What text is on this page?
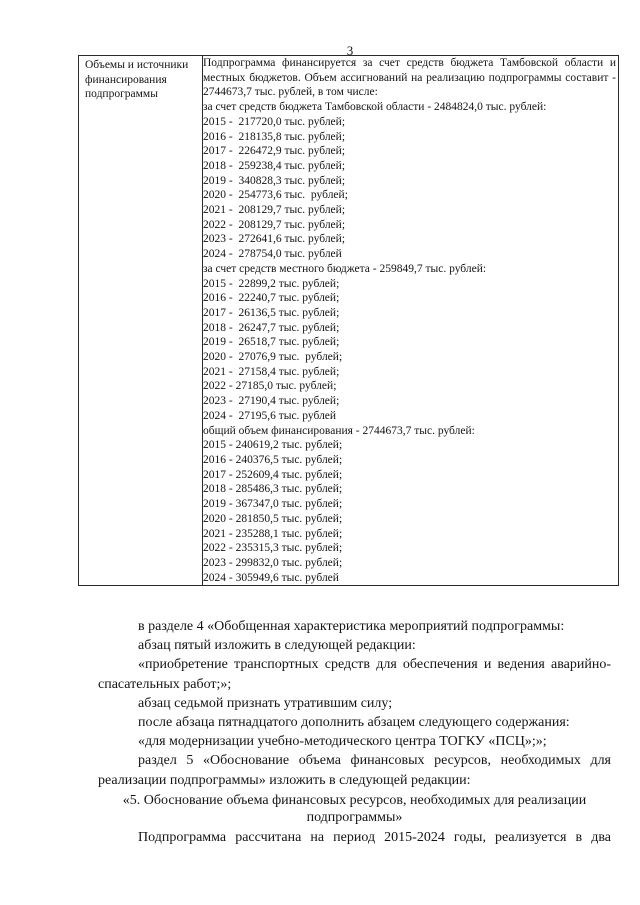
3
Объемы и источники финансирования подпрограммы

Подпрограмма финансируется за счет средств бюджета Тамбовской области и местных бюджетов. Объем ассигнований на реализацию подпрограммы составит - 2744673,7 тыс. рублей, в том числе:
за счет средств бюджета Тамбовской области - 2484824,0 тыс. рублей:
2015 -  217720,0 тыс. рублей;
2016 -  218135,8 тыс. рублей;
2017 -  226472,9 тыс. рублей;
2018 -  259238,4 тыс. рублей;
2019 -  340828,3 тыс. рублей;
2020 -  254773,6 тыс.  рублей;
2021 -  208129,7 тыс. рублей;
2022 -  208129,7 тыс. рублей;
2023 -  272641,6 тыс. рублей;
2024 -  278754,0 тыс. рублей
за счет средств местного бюджета - 259849,7 тыс. рублей:
2015 -  22899,2 тыс. рублей;
2016 -  22240,7 тыс. рублей;
2017 -  26136,5 тыс. рублей;
2018 -  26247,7 тыс. рублей;
2019 -  26518,7 тыс. рублей;
2020 -  27076,9 тыс.  рублей;
2021 -  27158,4 тыс. рублей;
2022 - 27185,0 тыс. рублей;
2023 -  27190,4 тыс. рублей;
2024 -  27195,6 тыс. рублей
общий объем финансирования - 2744673,7 тыс. рублей:
2015 - 240619,2 тыс. рублей;
2016 - 240376,5 тыс. рублей;
2017 - 252609,4 тыс. рублей;
2018 - 285486,3 тыс. рублей;
2019 - 367347,0 тыс. рублей;
2020 - 281850,5 тыс. рублей;
2021 - 235288,1 тыс. рублей;
2022 - 235315,3 тыс. рублей;
2023 - 299832,0 тыс. рублей;
2024 - 305949,6 тыс. рублей
в разделе 4 «Обобщенная характеристика мероприятий подпрограммы:
абзац пятый изложить в следующей редакции:
«приобретение транспортных средств для обеспечения и ведения аварийно-спасательных работ;»;
абзац седьмой признать утратившим силу;
после абзаца пятнадцатого дополнить абзацем следующего содержания:
«для модернизации учебно-методического центра ТОГКУ «ПСЦ»;»;
раздел 5 «Обоснование объема финансовых ресурсов, необходимых для реализации подпрограммы» изложить в следующей редакции:
«5. Обоснование объема финансовых ресурсов, необходимых для реализации подпрограммы»
Подпрограмма рассчитана на период 2015-2024 годы, реализуется в два
